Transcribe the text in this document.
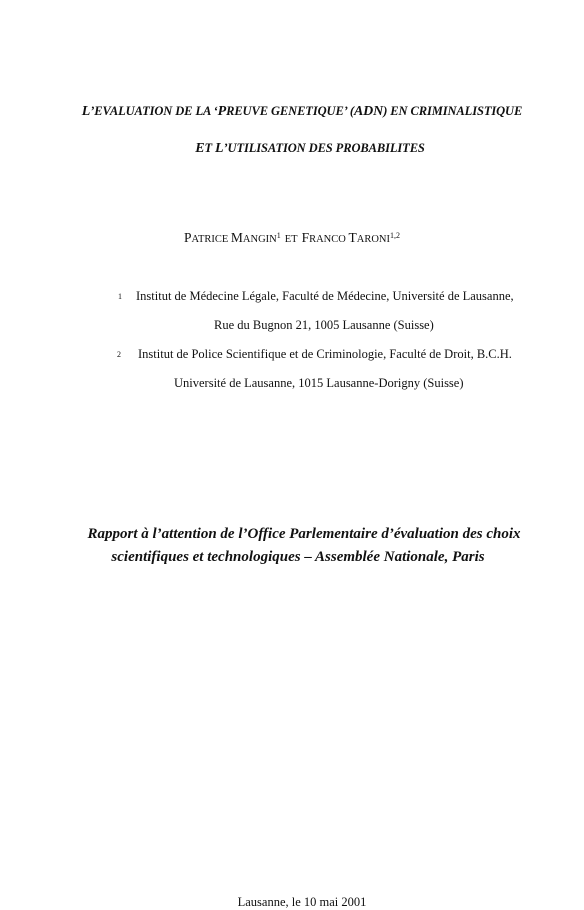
L’EVALUATION DE LA ‘PREUVE GENETIQUE’ (ADN) EN CRIMINALISTIQUE
ET L’UTILISATION DES PROBABILITES
PATRICE MANGIN$^1$ ET FRANCO TARONI$^{1,2}$
1 Institut de Médecine Légale, Faculté de Médecine, Université de Lausanne,
Rue du Bugnon 21, 1005 Lausanne (Suisse)
2 Institut de Police Scientifique et de Criminologie, Faculté de Droit, B.C.H.
Université de Lausanne, 1015 Lausanne-Dorigny (Suisse)
Rapport à l’attention de l’Office Parlementaire d’évaluation des choix
scientifiques et technologiques – Assemblée Nationale, Paris
Lausanne, le 10 mai 2001
